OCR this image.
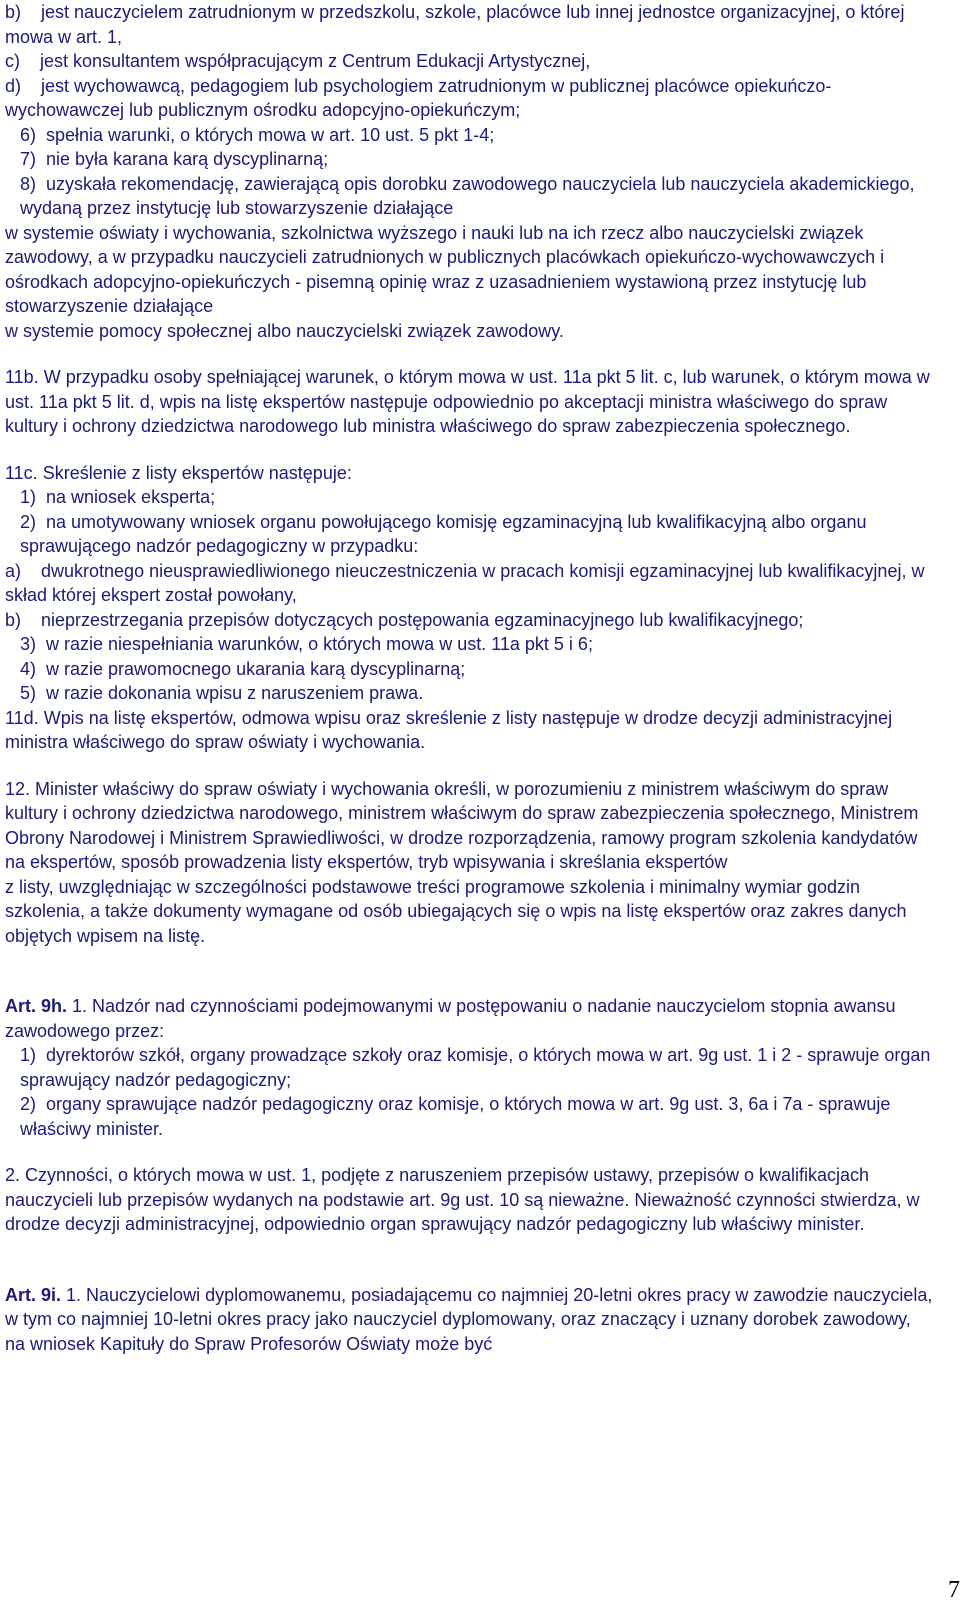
b)    jest nauczycielem zatrudnionym w przedszkolu, szkole, placówce lub innej jednostce organizacyjnej, o której mowa w art. 1,

c)    jest konsultantem współpracującym z Centrum Edukacji Artystycznej,

d)    jest wychowawcą, pedagogiem lub psychologiem zatrudnionym w publicznej placówce opiekuńczo-wychowawczej lub publicznym ośrodku adopcyjno-opiekuńczym;

6)  spełnia warunki, o których mowa w art. 10 ust. 5 pkt 1-4;

7)  nie była karana karą dyscyplinarną;

8)  uzyskała rekomendację, zawierającą opis dorobku zawodowego nauczyciela lub nauczyciela akademickiego, wydaną przez instytucję lub stowarzyszenie działające

w systemie oświaty i wychowania, szkolnictwa wyższego i nauki lub na ich rzecz albo nauczycielski związek zawodowy, a w przypadku nauczycieli zatrudnionych w publicznych placówkach opiekuńczo-wychowawczych i ośrodkach adopcyjno-opiekuńczych - pisemną opinię wraz z uzasadnieniem wystawioną przez instytucję lub stowarzyszenie działające

w systemie pomocy społecznej albo nauczycielski związek zawodowy.

11b. W przypadku osoby spełniającej warunek, o którym mowa w ust. 11a pkt 5 lit. c, lub warunek, o którym mowa w ust. 11a pkt 5 lit. d, wpis na listę ekspertów następuje odpowiednio po akceptacji ministra właściwego do spraw kultury i ochrony dziedzictwa narodowego lub ministra właściwego do spraw zabezpieczenia społecznego.

11c. Skreślenie z listy ekspertów następuje:

1)  na wniosek eksperta;

2)  na umotywowany wniosek organu powołującego komisję egzaminacyjną lub kwalifikacyjną albo organu sprawującego nadzór pedagogiczny w przypadku:

a)    dwukrotnego nieusprawiedliwionego nieuczestniczenia w pracach komisji egzaminacyjnej lub kwalifikacyjnej, w skład której ekspert został powołany,

b)    nieprzestrzegania przepisów dotyczących postępowania egzaminacyjnego lub kwalifikacyjnego;

3)  w razie niespełniania warunków, o których mowa w ust. 11a pkt 5 i 6;

4)  w razie prawomocnego ukarania karą dyscyplinarną;

5)  w razie dokonania wpisu z naruszeniem prawa.

11d. Wpis na listę ekspertów, odmowa wpisu oraz skreślenie z listy następuje w drodze decyzji administracyjnej ministra właściwego do spraw oświaty i wychowania.

12. Minister właściwy do spraw oświaty i wychowania określi, w porozumieniu z ministrem właściwym do spraw kultury i ochrony dziedzictwa narodowego, ministrem właściwym do spraw zabezpieczenia społecznego, Ministrem Obrony Narodowej i Ministrem Sprawiedliwości, w drodze rozporządzenia, ramowy program szkolenia kandydatów na ekspertów, sposób prowadzenia listy ekspertów, tryb wpisywania i skreślania ekspertów

z listy, uwzględniając w szczególności podstawowe treści programowe szkolenia i minimalny wymiar godzin szkolenia, a także dokumenty wymagane od osób ubiegających się o wpis na listę ekspertów oraz zakres danych objętych wpisem na listę.

Art. 9h. 1. Nadzór nad czynnościami podejmowanymi w postępowaniu o nadanie nauczycielom stopnia awansu zawodowego przez:

1)  dyrektorów szkół, organy prowadzące szkoły oraz komisje, o których mowa w art. 9g ust. 1 i 2 - sprawuje organ sprawujący nadzór pedagogiczny;

2)  organy sprawujące nadzór pedagogiczny oraz komisje, o których mowa w art. 9g ust. 3, 6a i 7a - sprawuje właściwy minister.

2. Czynności, o których mowa w ust. 1, podjęte z naruszeniem przepisów ustawy, przepisów o kwalifikacjach nauczycieli lub przepisów wydanych na podstawie art. 9g ust. 10 są nieważne. Nieważność czynności stwierdza, w drodze decyzji administracyjnej, odpowiednio organ sprawujący nadzór pedagogiczny lub właściwy minister.

Art. 9i. 1. Nauczycielowi dyplomowanemu, posiadającemu co najmniej 20-letni okres pracy w zawodzie nauczyciela, w tym co najmniej 10-letni okres pracy jako nauczyciel dyplomowany, oraz znaczący i uznany dorobek zawodowy, na wniosek Kapituły do Spraw Profesorów Oświaty może być

7
